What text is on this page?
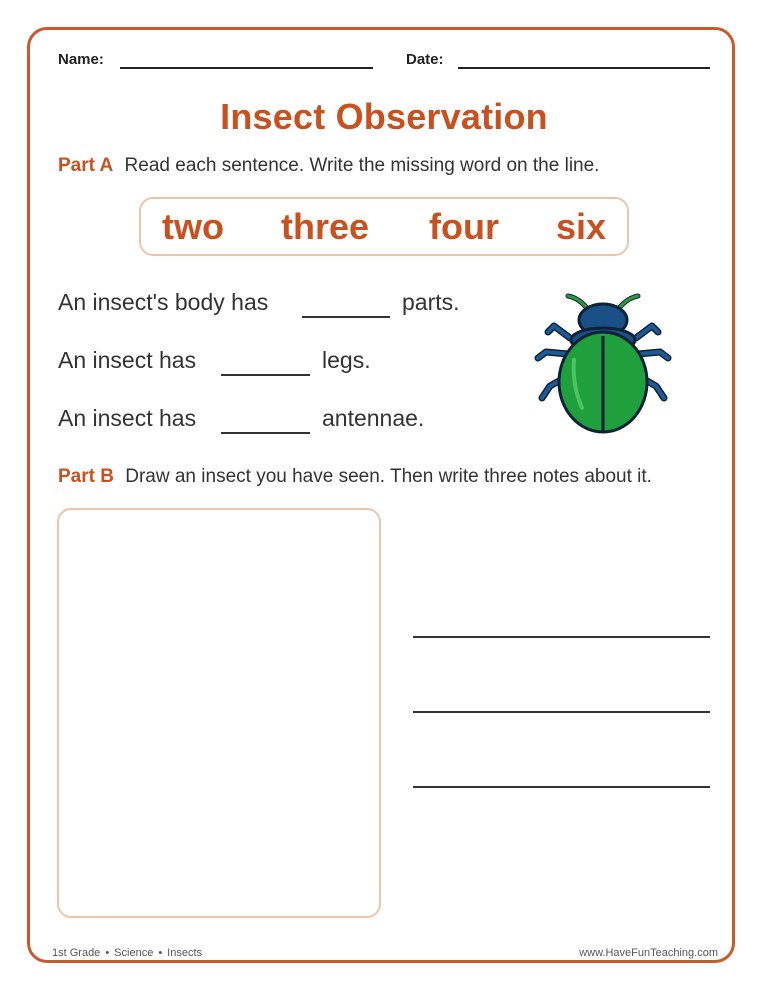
Name:	Date:
Insect Observation
Part A Read each sentence. Write the missing word on the line.
two three four six
An insect's body has	parts.
An insect has	legs.
An insect has	antennae.
Part B Draw an insect you have seen. Then write three notes about it.
1st Grade • Science • Insects	www.HaveFunTeaching.com
